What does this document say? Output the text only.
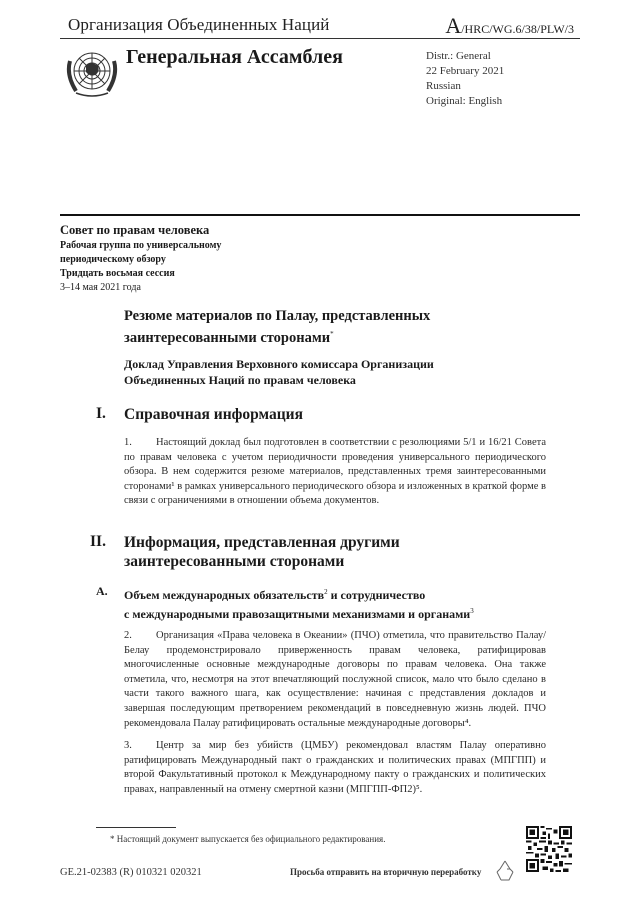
Организация Объединенных Наций	A/HRC/WG.6/38/PLW/3
Генеральная Ассамблея	Distr.: General
22 February 2021
Russian
Original: English
Совет по правам человека
Рабочая группа по универсальному
периодическому обзору
Тридцать восьмая сессия
3–14 мая 2021 года
Резюме материалов по Палау, представленных
заинтересованными сторонами*
Доклад Управления Верховного комиссара Организации
Объединенных Наций по правам человека
I. Справочная информация
1. Настоящий доклад был подготовлен в соответствии с резолюциями 5/1 и 16/21 Совета по правам человека с учетом периодичности проведения универсального периодического обзора. В нем содержится резюме материалов, представленных тремя заинтересованными сторонами¹ в рамках универсального периодического обзора и изложенных в краткой форме в связи с ограничениями в отношении объема документов.
II. Информация, представленная другими
заинтересованными сторонами
A. Объем международных обязательств$^2$ и сотрудничество
с международными правозащитными механизмами и органами$^3$
2. Организация «Права человека в Океании» (ПЧО) отметила, что правительство Палау/Белау продемонстрировало приверженность правам человека, ратифицировав многочисленные основные международные договоры по правам человека. Она также отметила, что, несмотря на этот впечатляющий послужной список, мало что было сделано в части такого важного шага, как осуществление: начиная с представления докладов и завершая последующим претворением рекомендаций в повседневную жизнь людей. ПЧО рекомендовала Палау ратифицировать остальные международные договоры⁴.
3. Центр за мир без убийств (ЦМБУ) рекомендовал властям Палау оперативно ратифицировать Международный пакт о гражданских и политических правах (МПГПП) и второй Факультативный протокол к Международному пакту о гражданских и политических правах, направленный на отмену смертной казни (МПГПП-ФП2)⁵.
* Настоящий документ выпускается без официального редактирования.
GE.21-02383 (R) 010321 020321	Просьба отправить на вторичную переработку
